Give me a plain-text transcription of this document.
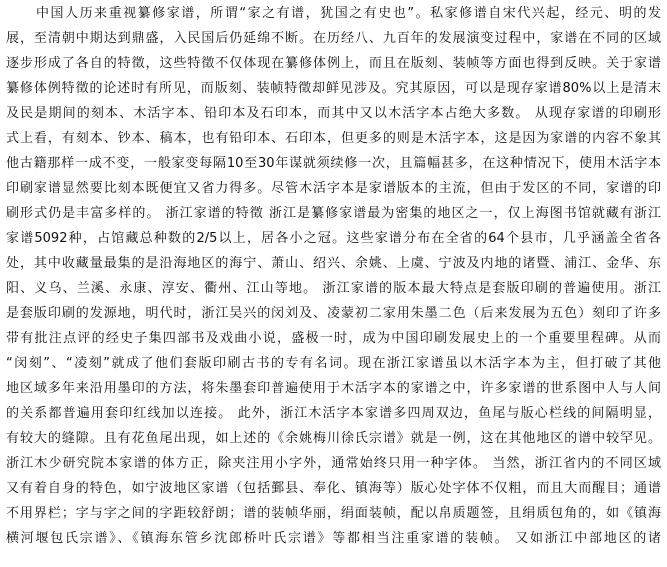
中国人历来重视纂修家谱，所谓“家之有谱，犹国之有史也”。私家修谱自宋代兴起，经元、明的发
展，至清朝中期达到鼎盛，入民国后仍延绵不断。在历经八、九百年的发展演变过程中，家谱在不同的区域
逐步形成了各自的特徵，这些特徵不仅体现在纂修体例上，而且在版刻、装帧等方面也得到反映。关于家谱
纂修体例特徵的论述时有所见，而版刻、装帧特徵却鲜见涉及。究其原因，可以是现存家谱80%以上是清末
及民是期间的刻本、木活字本、铅印本及石印本，而其中又以木活字本占绝大多数。 从现存家谱的印刷形
式上看，有刻本、钞本、稿本，也有铅印本、石印本，但更多的则是木活字本，这是因为家谱的内容不象其
他古籍那样一成不变，一般家变每隔10至30年谋就须续修一次，且篇幅甚多，在这种情况下，使用木活字本
印刷家谱显然要比刻本既便宜又省力得多。尽管木活字本是家谱版本的主流，但由于发区的不同，家谱的印
刷形式仍是丰富多样的。 浙江家谱的特徵 浙江是纂修家谱最为密集的地区之一，仅上海图书馆就藏有浙江
家谱5092种，占馆藏总种数的2/5以上，居各小之冠。这些家谱分布在全省的64个县市，几乎涵盖全省各
处，其中收藏量最集的是沿海地区的海宁、萧山、绍兴、余姚、上虞、宁波及内地的诸暨、浦江、金华、东
阳、义乌、兰溪、永康、淳安、衢州、江山等地。 浙江家谱的版本最大特点是套版印刷的普遍使用。浙江
是套版印刷的发源地，明代时，浙江吴兴的闵刘及、凌蒙初二家用朱墨二色（后来发展为五色）刻印了许多
带有批注点评的经史子集四部书及戏曲小说，盛极一时，成为中国印刷发展史上的一个重要里程碑。从而
“闵刻”、“凌刻”就成了他们套版印刷古书的专有名词。现在浙江家谱虽以木活字本为主，但打破了其他
地区域多年来沿用墨印的方法，将朱墨套印普遍使用于木活字本的家谱之中，许多家谱的世系图中人与人间
的关系都普遍用套印红线加以连接。 此外，浙江木活字本家谱多四周双边，鱼尾与版心栏线的间隔明显，
有较大的缝隙。且有花鱼尾出现，如上述的《余姚梅川徐氏宗谱》就是一例，这在其他地区的谱中较罕见。
浙江木少研究院本家谱的体方正，除夹注用小字外，通常始终只用一种字体。 当然，浙江省内的不同区域
又有着自身的特色，如宁波地区家谱（包括鄞县、奉化、镇海等）版心处字体不仅粗，而且大而醒目；通谱
不用界栏；字与字之间的字距较舒朗；谱的装帧华丽，绢面装帧，配以帛质题签，且绢质包角的，如《镇海
横河堰包氏宗谱》、《镇海东管乡沈郎桥叶氏宗谱》等都相当注重家谱的装帧。 又如浙江中部地区的诸
